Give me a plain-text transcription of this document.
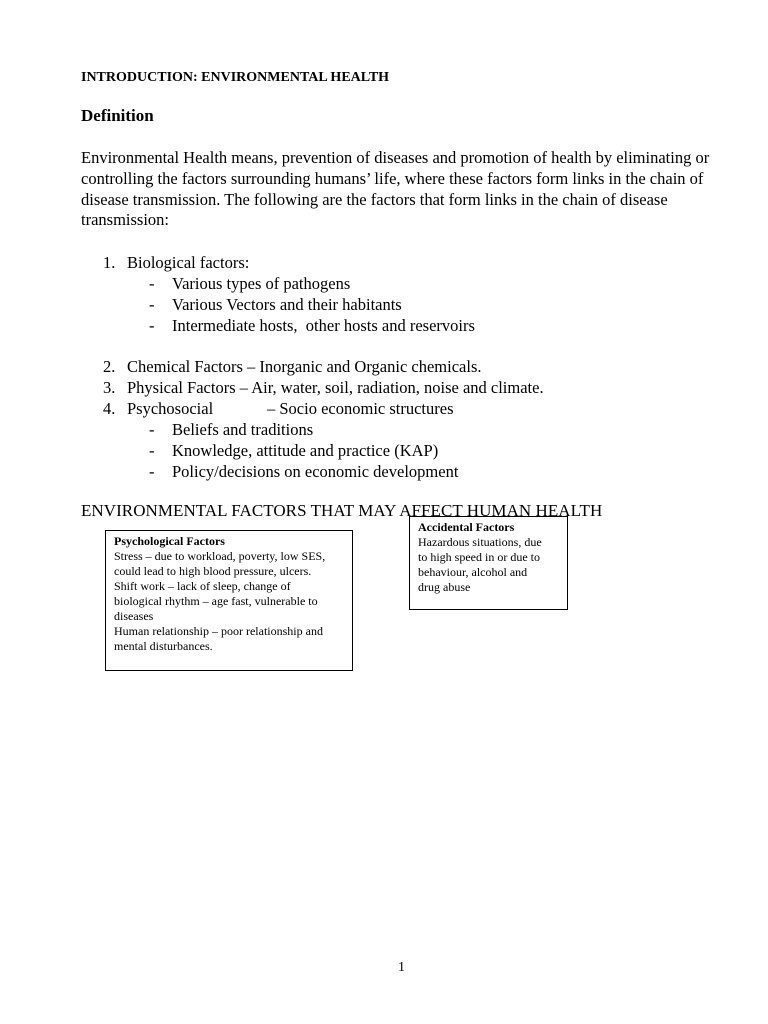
INTRODUCTION: ENVIRONMENTAL HEALTH
Definition
Environmental Health means, prevention of diseases and promotion of health by eliminating or controlling the factors surrounding humans’ life, where these factors form links in the chain of disease transmission. The following are the factors that form links in the chain of disease transmission:
1. Biological factors:
- Various types of pathogens
- Various Vectors and their habitants
- Intermediate hosts,  other hosts and reservoirs
2. Chemical Factors – Inorganic and Organic chemicals.
3. Physical Factors – Air, water, soil, radiation, noise and climate.
4. Psychosocial	– Socio economic structures
- Beliefs and traditions
- Knowledge, attitude and practice (KAP)
- Policy/decisions on economic development
ENVIRONMENTAL FACTORS THAT MAY AFFECT HUMAN HEALTH

Psychological Factors

Stress – due to workload, poverty, low SES,

could lead to high blood pressure, ulcers.

Shift work – lack of sleep, change of

biological rhythm – age fast, vulnerable to

diseases

Human relationship – poor relationship and

mental disturbances.

Accidental Factors

Hazardous situations, due

to high speed in or due to

behaviour, alcohol and

drug abuse

1
